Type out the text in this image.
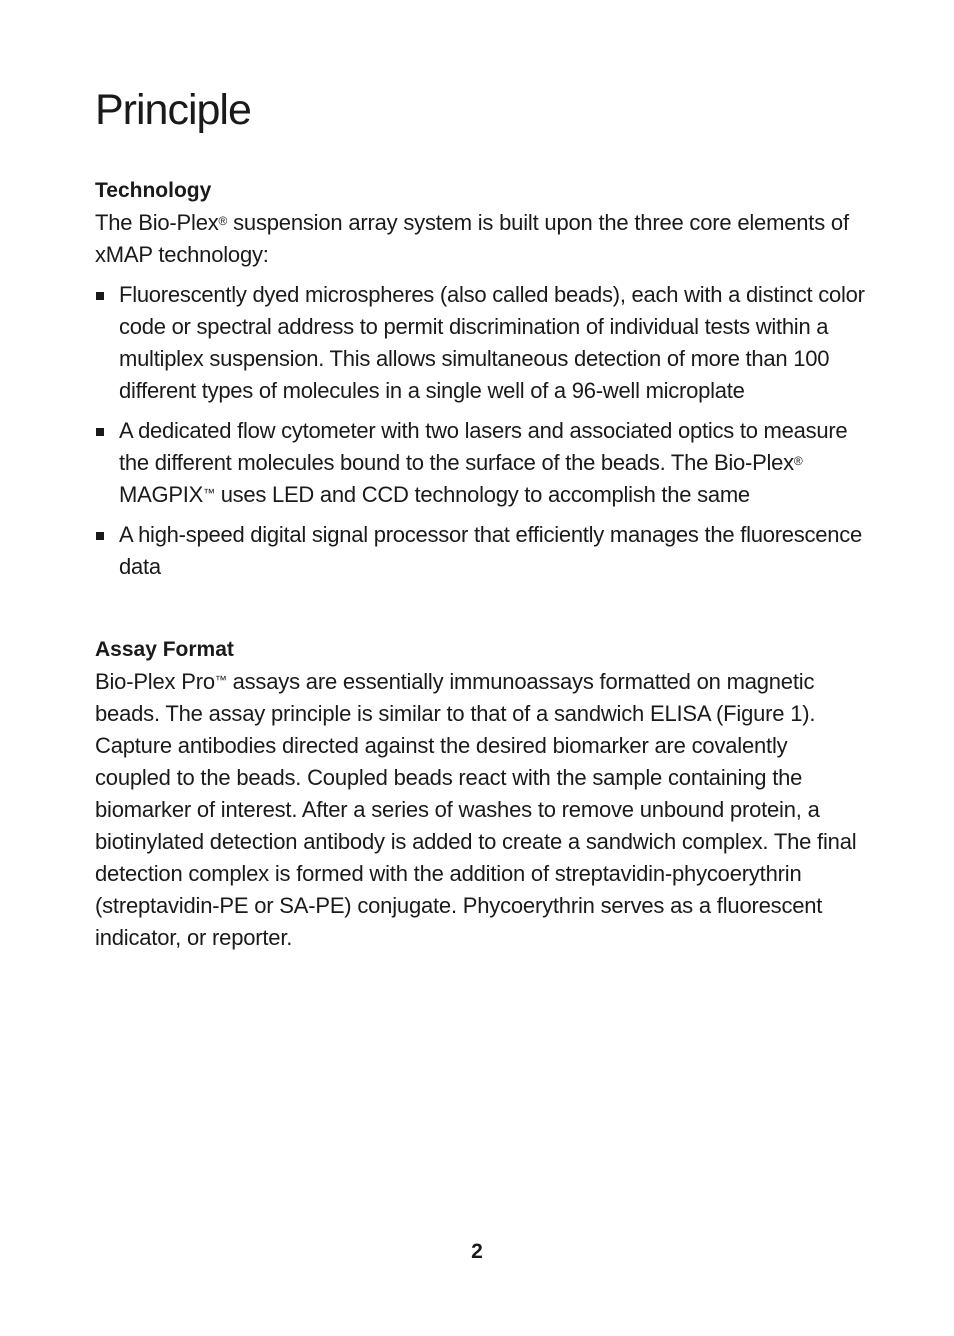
Principle
Technology

The Bio-Plex® suspension array system is built upon the three core elements of xMAP technology:

Fluorescently dyed microspheres (also called beads), each with a distinct color code or spectral address to permit discrimination of individual tests within a multiplex suspension. This allows simultaneous detection of more than 100 different types of molecules in a single well of a 96-well microplate
A dedicated flow cytometer with two lasers and associated optics to measure the different molecules bound to the surface of the beads. The Bio-Plex® MAGPIX™ uses LED and CCD technology to accomplish the same
A high-speed digital signal processor that efficiently manages the fluorescence data
Assay Format

Bio-Plex Pro™ assays are essentially immunoassays formatted on magnetic beads. The assay principle is similar to that of a sandwich ELISA (Figure 1). Capture antibodies directed against the desired biomarker are covalently coupled to the beads. Coupled beads react with the sample containing the biomarker of interest. After a series of washes to remove unbound protein, a biotinylated detection antibody is added to create a sandwich complex. The final detection complex is formed with the addition of streptavidin-phycoerythrin (streptavidin-PE or SA-PE) conjugate. Phycoerythrin serves as a fluorescent indicator, or reporter.

2
